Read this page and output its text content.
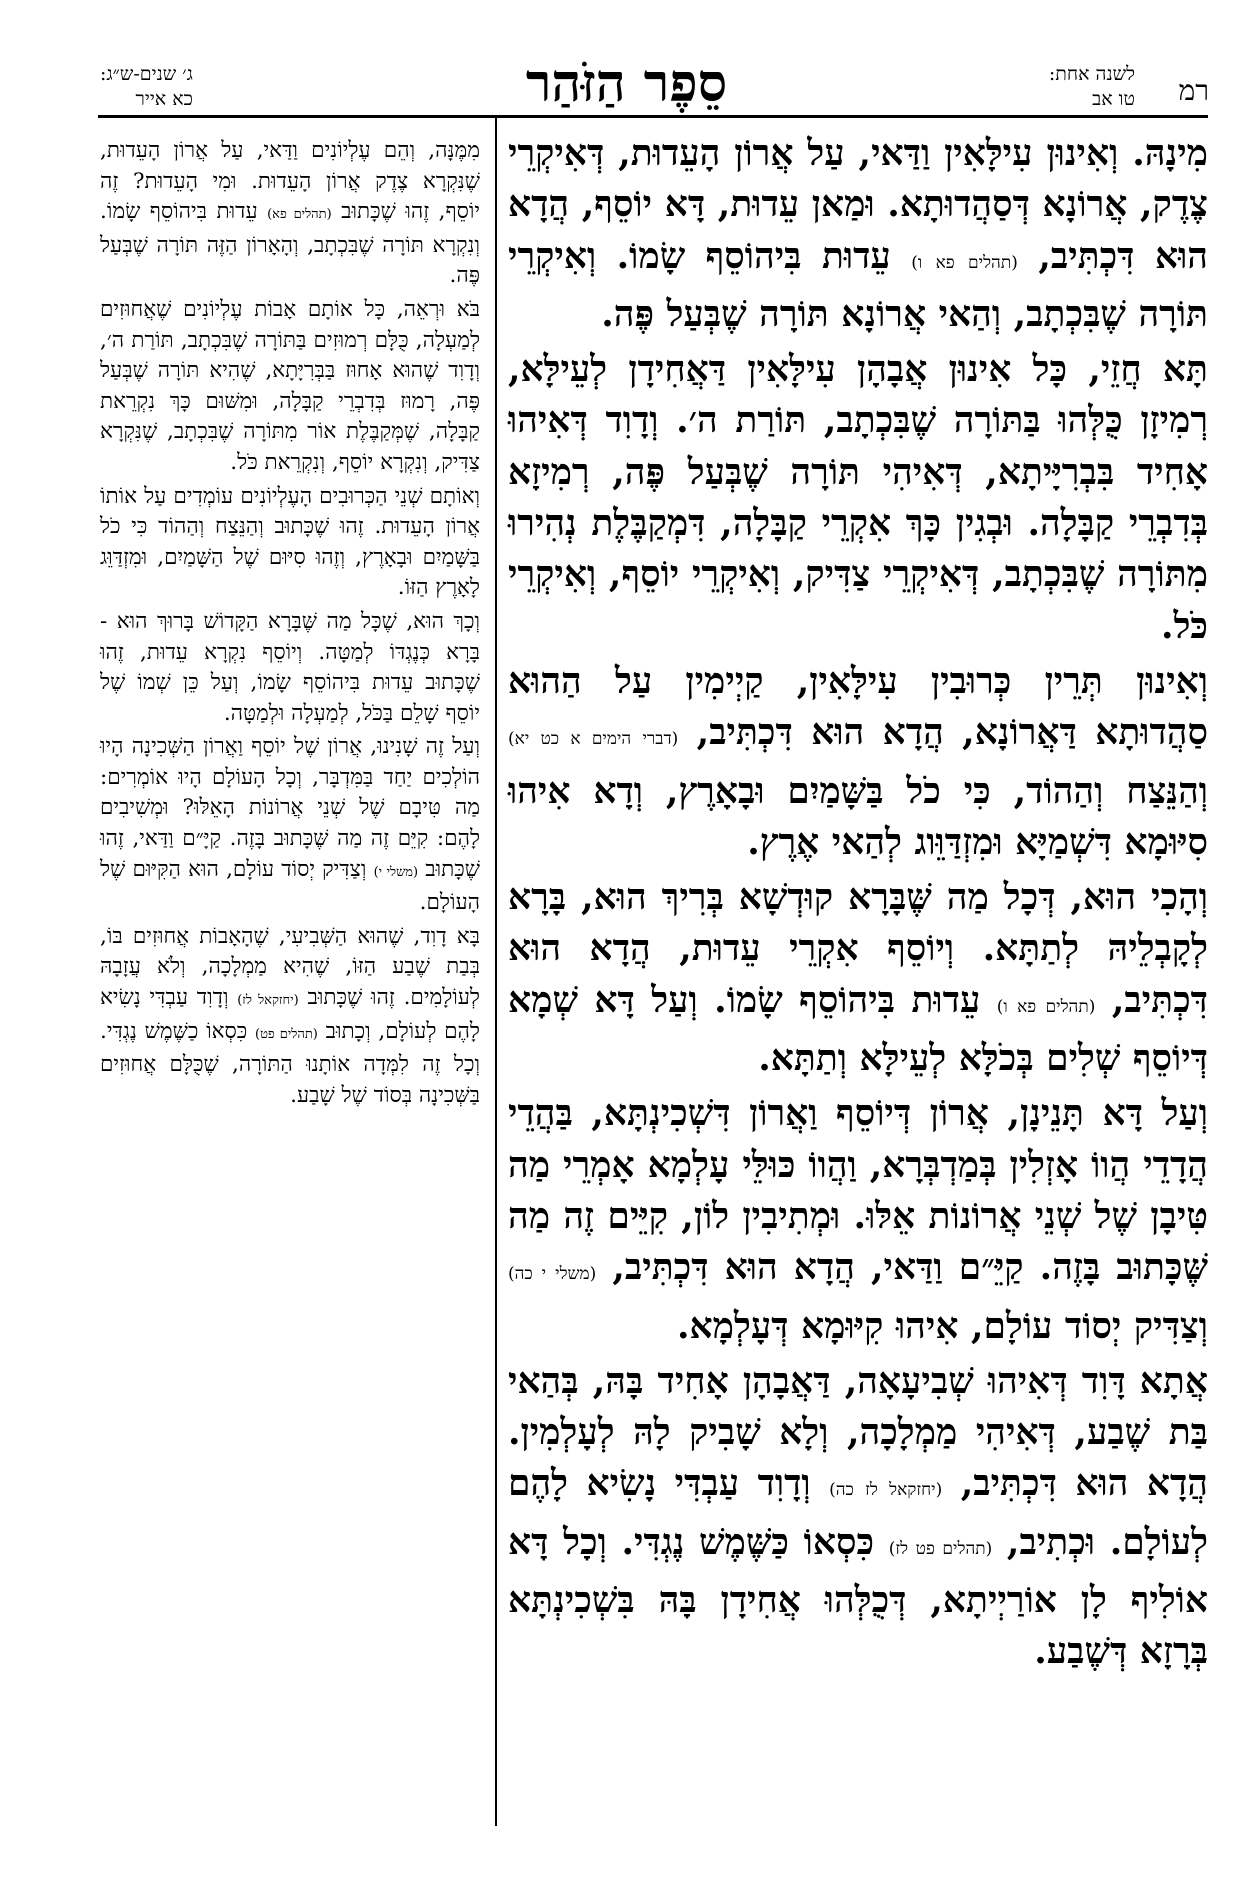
רמ
לשנה אחת:
טו אב
סֵפֶר הַזֹּהַר
ג׳ שנים-ש״ג:
כא אייר

מִינָהּ. וְאִינוּן עִילָּאִין וַדַּאי, עַל אֲרוֹן הָעֵדוּת, דְּאִיקְרֵי צֶדֶק, אֲרוֹנָא דְּסַהֲדוּתָא. וּמַאן עֵדוּת, דָּא יוֹסֵף, הֲדָא הוּא דִּכְתִּיב, (תהלים פא ו) עֵדוּת בִּיהוֹסֵף שָׂמוֹ. וְאִיקְרֵי תּוֹרָה שֶׁבִּכְתָב, וְהַאי אֲרוֹנָא תּוֹרָה שֶׁבְּעַל פֶּה.

תָּא חֲזֵי, כָּל אִינוּן אֲבָהָן עִילָּאִין דַּאֲחִידָן לְעֵילָּא, רְמִיזָן כֻּלְּהוּ בַּתּוֹרָה שֶׁבִּכְתָב, תּוֹרַת ה׳. וְדָוִד דְּאִיהוּ אָחִיד בִּבְרִיָּיתָא, דְּאִיהִי תּוֹרָה שֶׁבְּעַל פֶּה, רְמִיזָא בְּדִבְרֵי קַבָּלָה. וּבְגִין כָּךְ אִקְרֵי קַבָּלָה, דִּמְקַבֶּלֶת נְהִירוּ מִתּוֹרָה שֶׁבִּכְתָב, דְּאִיקְרֵי צַדִּיק, וְאִיקְרֵי יוֹסֵף, וְאִיקְרֵי כֹּל.

וְאִינוּן תְּרֵין כְּרוּבִין עִילָּאִין, קַיְימִין עַל הַהוּא סַהֲדוּתָא דַּאֲרוֹנָא, הֲדָא הוּא דִּכְתִּיב, (דברי הימים א כט יא) וְהַנֵּצַח וְהַהוֹד, כִּי כֹל בַּשָּׁמַיִם וּבָאָרֶץ, וְדָא אִיהוּ סִיּוּמָא דִּשְׁמַיָּא וּמִזְדַּוֵּוג לְהַאי אֶרֶץ.

וְהָכִי הוּא, דְּכָל מַה שֶּׁבָּרָא קוּדְשָׁא בְּרִיךְ הוּא, בָּרָא לְקָבְלֵיהּ לְתַתָּא. וְיוֹסֵף אִקְרֵי עֵדוּת, הֲדָא הוּא דִּכְתִּיב, (תהלים פא ו) עֵדוּת בִּיהוֹסֵף שָׂמוֹ. וְעַל דָּא שְׁמָא דְּיוֹסֵף שְׁלִים בְּכֹלָּא לְעֵילָּא וְתַתָּא.

וְעַל דָּא תָּנֵינָן, אֲרוֹן דְּיוֹסֵף וַאֲרוֹן דִּשְׁכִינְתָּא, בַּהֲדֵי הֲדָדֵי הֲווֹ אָזְלִין בְּמַדְבְּרָא, וַהֲווֹ כּוּלֵּי עָלְמָא אָמְרֵי מַה טִּיבָן שֶׁל שְׁנֵי אֲרוֹנוֹת אֵלּוּ. וּמְתִיבִין לוֹן, קִיֵּים זֶה מַה שֶּׁכָּתוּב בָּזֶה. קַיֵּ״ם וַדַּאי, הֲדָא הוּא דִּכְתִּיב, (משלי י כה) וְצַדִּיק יְסוֹד עוֹלָם, אִיהוּ קִיּוּמָא דְּעָלְמָא.

אֲתָא דָּוִד דְּאִיהוּ שְׁבִיעָאָה, דַּאֲבָהָן אָחִיד בָּהּ, בְּהַאי בַּת שֶׁבַע, דְּאִיהִי מַמְלָכָה, וְלָא שָׁבִיק לָהּ לְעָלְמִין. הֲדָא הוּא דִּכְתִּיב, (יחזקאל לז כה) וְדָוִד עַבְדִּי נָשִׂיא לָהֶם לְעוֹלָם. וּכְתִיב, (תהלים פט לז) כִּסְאוֹ כַּשֶּׁמֶשׁ נֶגְדִּי. וְכָל דָּא אוֹלִיף לָן אוֹרַיְיתָא, דְּכֻלְּהוּ אֲחִידָן בָּהּ בִּשְׁכִינְתָּא בְּרָזָא דְּשֶׁבַע.

מִמֶּנָּה, וְהֵם עֶלְיוֹנִים וַדַּאי, עַל אֲרוֹן הָעֵדוּת, שֶׁנִּקְרָא צֶדֶק אֲרוֹן הָעֵדוּת. וּמִי הָעֵדוּת? זֶה יוֹסֵף, זֶהוּ שֶׁכָּתוּב (תהלים פא) עֵדוּת בִּיהוֹסֵף שָׂמוֹ. וְנִקְרָא תּוֹרָה שֶׁבִּכְתָב, וְהָאָרוֹן הַזֶּה תּוֹרָה שֶׁבְּעַל פֶּה.

בֹּא וּרְאֵה, כָּל אוֹתָם אָבוֹת עֶלְיוֹנִים שֶׁאֲחוּזִים לְמַעְלָה, כֻּלָּם רְמוּזִים בַּתּוֹרָה שֶׁבִּכְתָב, תּוֹרַת ה׳, וְדָוִד שֶׁהוּא אָחוּז בַּבְּרִיָּתָא, שֶׁהִיא תּוֹרָה שֶׁבְּעַל פֶּה, רָמוּז בְּדִבְרֵי קַבָּלָה, וּמִשּׁוּם כָּךְ נִקְרֵאת קַבָּלָה, שֶׁמְּקַבֶּלֶת אוֹר מִתּוֹרָה שֶׁבִּכְתָב, שֶׁנִּקְרָא צַדִּיק, וְנִקְרָא יוֹסֵף, וְנִקְרֵאת כֹּל.

וְאוֹתָם שְׁנֵי הַכְּרוּבִים הָעֶלְיוֹנִים עוֹמְדִים עַל אוֹתוֹ אֲרוֹן הָעֵדוּת. זֶהוּ שֶׁכָּתוּב וְהַנֵּצַח וְהַהוֹד כִּי כֹל בַּשָּׁמַיִם וּבָאָרֶץ, וְזֶהוּ סִיּוּם שֶׁל הַשָּׁמַיִם, וּמִזְדַּוֵּג לָאָרֶץ הַזּוֹ.

וְכָךְ הוּא, שֶׁכָּל מַה שֶּׁבָּרָא הַקָּדוֹשׁ בָּרוּךְ הוּא - בָּרָא כְּנֶגְדּוֹ לְמַטָּה. וְיוֹסֵף נִקְרָא עֵדוּת, זֶהוּ שֶׁכָּתוּב עֵדוּת בִּיהוֹסֵף שָׂמוֹ, וְעַל כֵּן שְׁמוֹ שֶׁל יוֹסֵף שָׁלֵם בַּכֹּל, לְמַעְלָה וּלְמַטָּה.

וְעַל זֶה שָׁנִינוּ, אֲרוֹן שֶׁל יוֹסֵף וַאֲרוֹן הַשְּׁכִינָה הָיוּ הוֹלְכִים יַחַד בַּמִּדְבָּר, וְכָל הָעוֹלָם הָיוּ אוֹמְרִים: מַה טִּיבָם שֶׁל שְׁנֵי אֲרוֹנוֹת הָאֵלּוּ? וּמְשִׁיבִים לָהֶם: קִיֵּם זֶה מַה שֶּׁכָּתוּב בָּזֶה. קַיָּ״ם וַדַּאי, זֶהוּ שֶׁכָּתוּב (משלי י) וְצַדִּיק יְסוֹד עוֹלָם, הוּא הַקִּיּוּם שֶׁל הָעוֹלָם.

בָּא דָוִד, שֶׁהוּא הַשְּׁבִיעִי, שֶׁהָאָבוֹת אֲחוּזִים בּוֹ, בְּבַת שֶׁבַע הַזּוֹ, שֶׁהִיא מַמְלָכָה, וְלֹא עֲזָבָהּ לְעוֹלָמִים. זֶהוּ שֶׁכָּתוּב (יחזקאל לז) וְדָוִד עַבְדִּי נָשִׂיא לָהֶם לְעוֹלָם, וְכָתוּב (תהלים פט) כִּסְאוֹ כַשֶּׁמֶשׁ נֶגְדִּי. וְכָל זֶה לִמְּדָה אוֹתָנוּ הַתּוֹרָה, שֶׁכֻּלָּם אֲחוּזִים בַּשְּׁכִינָה בְּסוֹד שֶׁל שָׁבַע.
